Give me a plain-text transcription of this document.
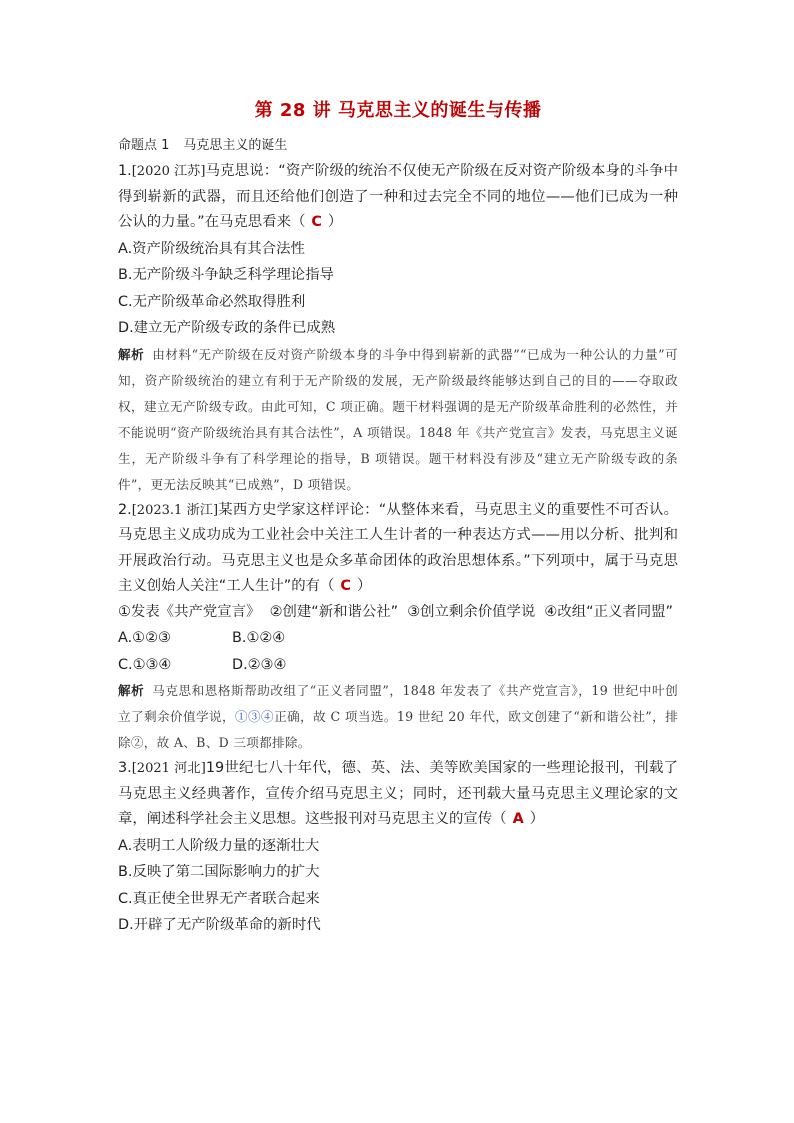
第 28 讲 马克思主义的诞生与传播

命题点 1 马克思主义的诞生

1.[2020 江苏]马克思说：“资产阶级的统治不仅使无产阶级在反对资产阶级本身的斗争中得到崭新的武器，而且还给他们创造了一种和过去完全不同的地位——他们已成为一种公认的力量。”在马克思看来（ C ）

A.资产阶级统治具有其合法性

B.无产阶级斗争缺乏科学理论指导

C.无产阶级革命必然取得胜利

D.建立无产阶级专政的条件已成熟

解析 由材料“无产阶级在反对资产阶级本身的斗争中得到崭新的武器”“已成为一种公认的力量”可知，资产阶级统治的建立有利于无产阶级的发展，无产阶级最终能够达到自己的目的——夺取政权，建立无产阶级专政。由此可知，C 项正确。题干材料强调的是无产阶级革命胜利的必然性，并不能说明“资产阶级统治具有其合法性”，A 项错误。1848 年《共产党宣言》发表，马克思主义诞生，无产阶级斗争有了科学理论的指导，B 项错误。题干材料没有涉及“建立无产阶级专政的条件”，更无法反映其“已成熟”，D 项错误。

2.[2023.1 浙江]某西方史学家这样评论：“从整体来看，马克思主义的重要性不可否认。马克思主义成功成为工业社会中关注工人生计者的一种表达方式——用以分析、批判和开展政治行动。马克思主义也是众多革命团体的政治思想体系。”下列项中，属于马克思主义创始人关注“工人生计”的有（ C ）

①发表《共产党宣言》  ②创建“新和谐公社”  ③创立剩余价值学说  ④改组“正义者同盟”

A.①②③	B.①②④

C.①③④	D.②③④

解析 马克思和恩格斯帮助改组了“正义者同盟”，1848 年发表了《共产党宣言》，19 世纪中叶创立了剩余价值学说，①③④正确，故 C 项当选。19 世纪 20 年代，欧文创建了“新和谐公社”，排除②，故 A、B、D 三项都排除。

3.[2021 河北]19世纪七八十年代，德、英、法、美等欧美国家的一些理论报刊，刊载了马克思主义经典著作，宣传介绍马克思主义；同时，还刊载大量马克思主义理论家的文章，阐述科学社会主义思想。这些报刊对马克思主义的宣传（ A ）

A.表明工人阶级力量的逐渐壮大

B.反映了第二国际影响力的扩大

C.真正使全世界无产者联合起来

D.开辟了无产阶级革命的新时代
